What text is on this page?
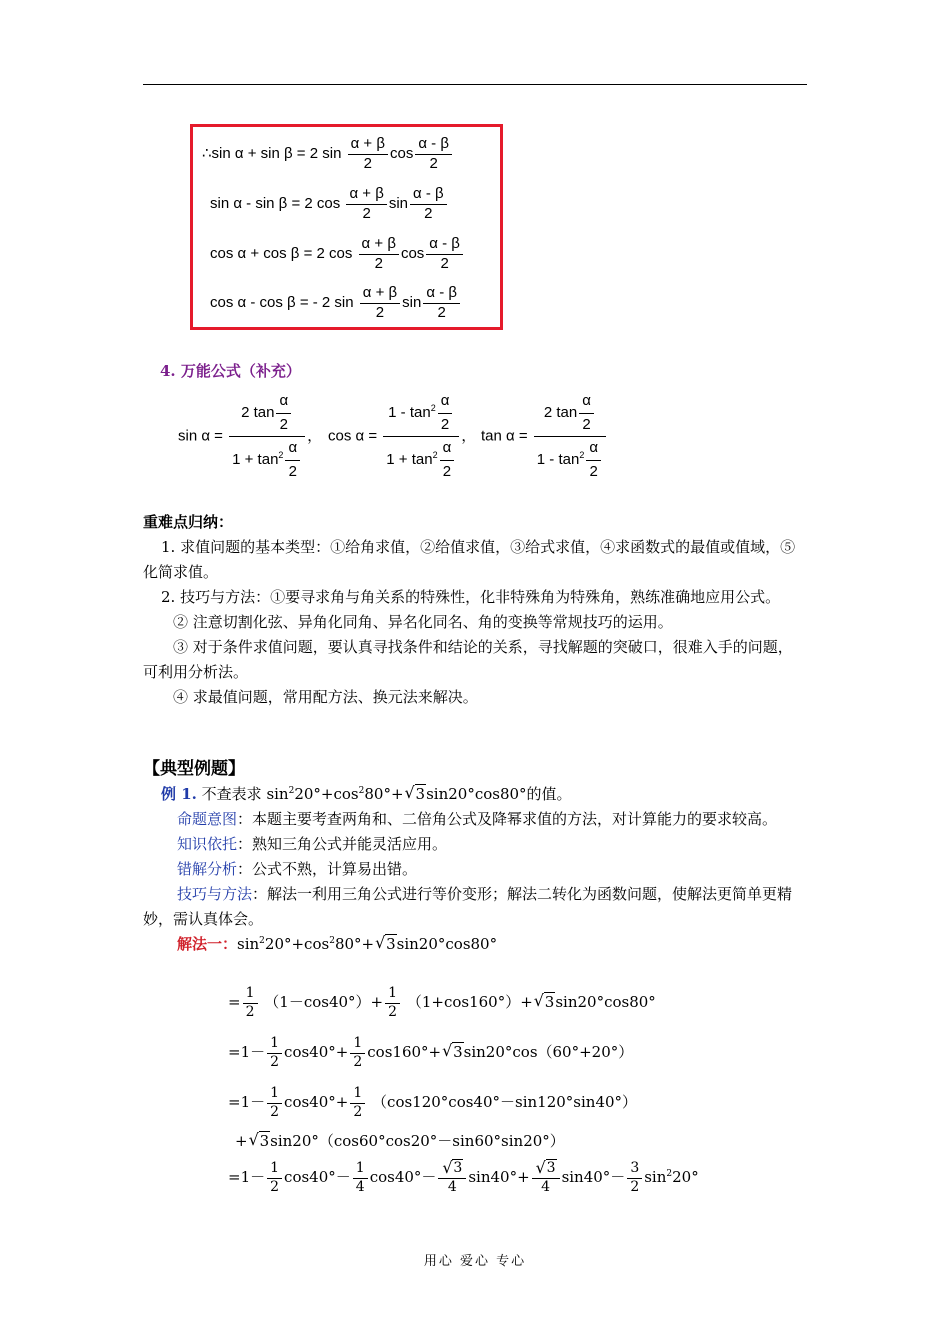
∴sin α + sin β = 2 $\sin \frac{\alpha + \beta}{2}$ $\cos \frac{\alpha - \beta}{2}$
sin α - sin β = 2 $\cos \frac{\alpha + \beta}{2}$ $\sin \frac{\alpha - \beta}{2}$
cos α + cos β = 2 $\cos \frac{\alpha + \beta}{2}$ $\cos \frac{\alpha - \beta}{2}$
cos α - cos β = - 2 $\sin \frac{\alpha + \beta}{2}$ $\sin \frac{\alpha - \beta}{2}$
4. 万能公式（补充）
$\sin \alpha = \frac{2 \tan \frac{\alpha}{2}}{1 + \tan^2 \frac{\alpha}{2}}$ ， $\cos \alpha = \frac{1 - \tan^2 \frac{\alpha}{2}}{1 + \tan^2 \frac{\alpha}{2}}$ ， $\tan \alpha = \frac{2 \tan \frac{\alpha}{2}}{1 - \tan^2 \frac{\alpha}{2}}$
重难点归纳：
1. 求值问题的基本类型：①给角求值，②给值求值，③给式求值，④求函数式的最值或值域，⑤化简求值。
2. 技巧与方法：①要寻求角与角关系的特殊性，化非特殊角为特殊角，熟练准确地应用公式。
② 注意切割化弦、异角化同角、异名化同名、角的变换等常规技巧的运用。
③ 对于条件求值问题，要认真寻找条件和结论的关系，寻找解题的突破口，很难入手的问题，可利用分析法。
④ 求最值问题，常用配方法、换元法来解决。
【典型例题】
例 1. 不查表求 $\sin^220^\circ+\cos^280^\circ+√$ 3sin20°cos80°的值。
命题意图：本题主要考查两角和、二倍角公式及降幂求值的方法，对计算能力的要求较高。
知识依托：熟知三角公式并能灵活应用。
错解分析：公式不熟，计算易出错。
技巧与方法：解法一利用三角公式进行等价变形；解法二转化为函数问题，使解法更简单更精妙，需认真体会。
解法一：$\sin^220^\circ+\cos^280^\circ+√$ 3sin20°cos80°
= $\frac{1}{2} (1-\cos 40^\circ)+ \frac{1}{2} (1+\cos 160^\circ)+√$ 3sin20°cos80°
$=1- \frac{1}{2} \cos 40^\circ+ \frac{1}{2} \cos 160^\circ+√$ 3sin20°cos（60°+20°）
$=1- \frac{1}{2} \cos 40^\circ+ \frac{1}{2} (\cos 120^\circ\cos 40^\circ-\sin 120^\circ\sin 40^\circ)$
+√ 3sin20°（cos60°cos20°－sin60°sin20°）
$=1- \frac{1}{2} \cos 40^\circ- \frac{1}{4} \cos 40^\circ-$
√ $\frac{3}{4} \sin 40^\circ+$
√ $\frac{3}{4} \sin 40^\circ- \frac{3}{2} \sin^220^\circ$
用心 爱心 专心
